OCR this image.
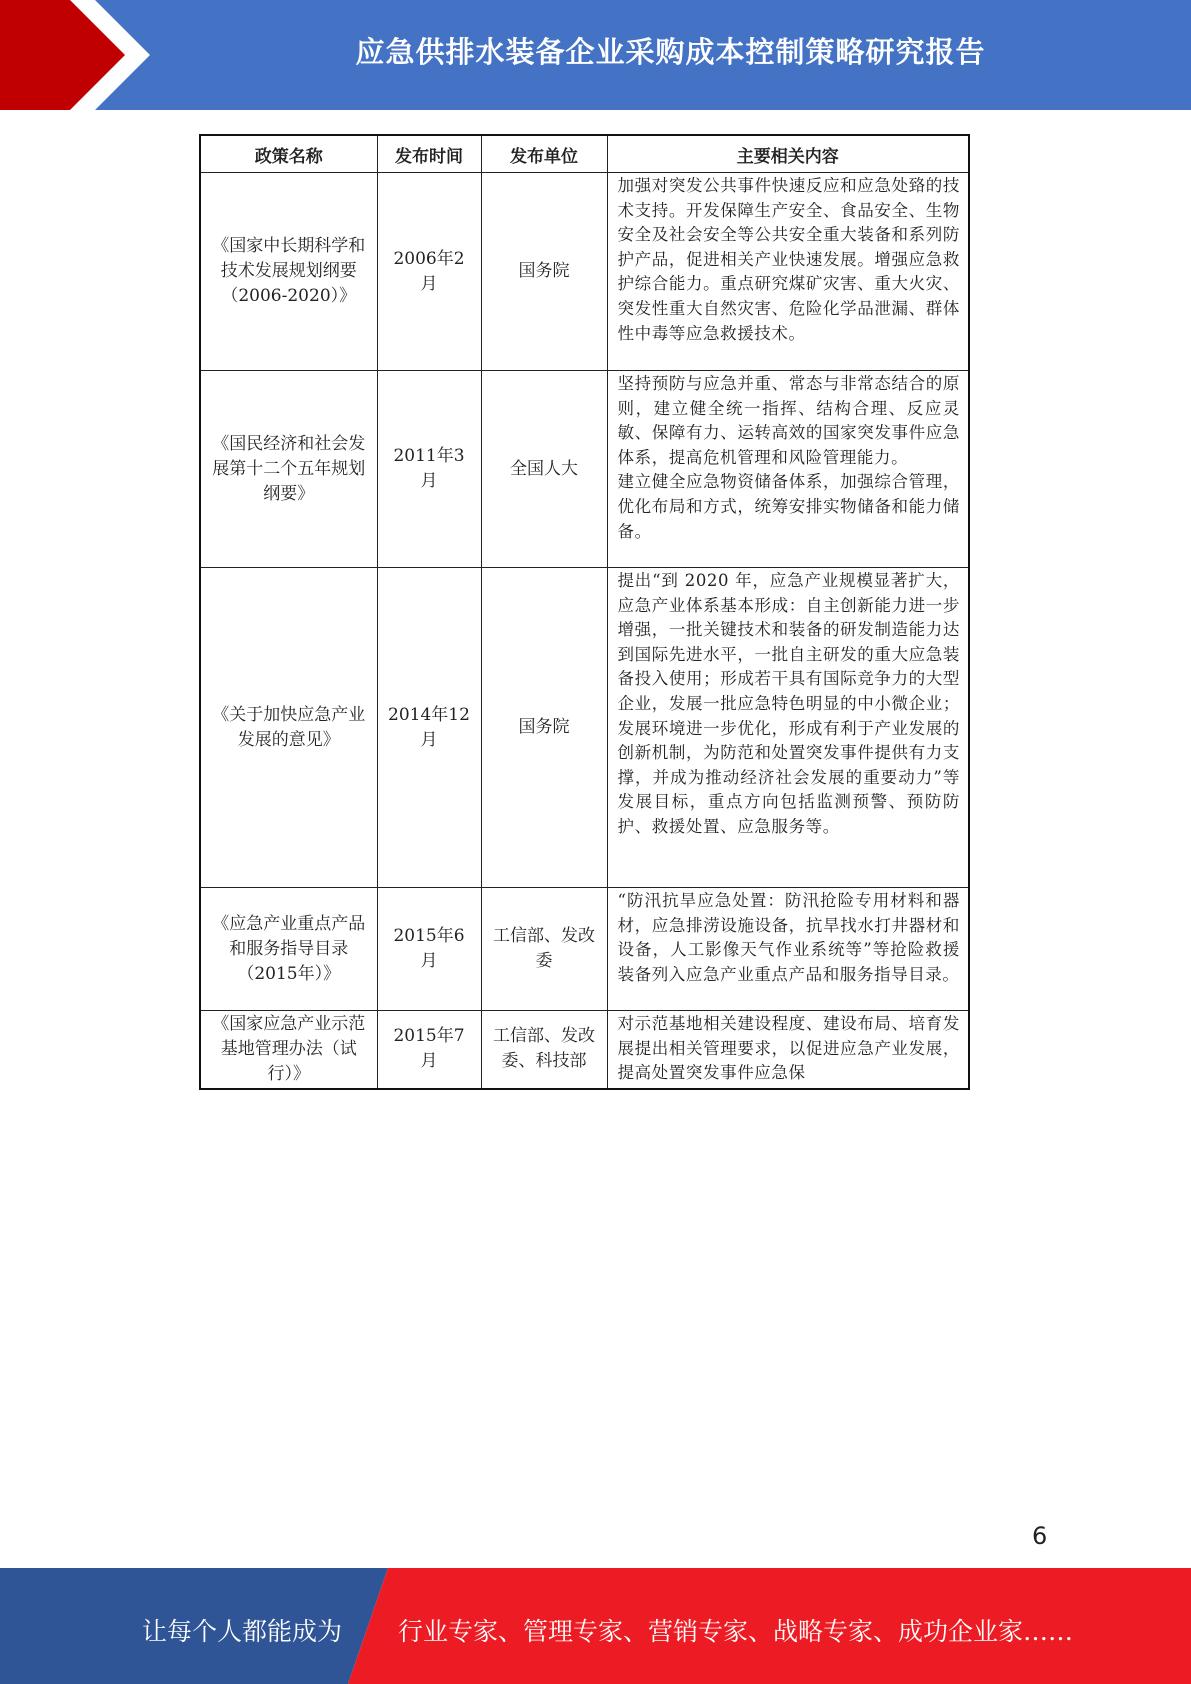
应急供排水装备企业采购成本控制策略研究报告
政策名称	发布时间	发布单位	主要相关内容
《国家中长期科学和技术发展规划纲要（2006-2020）》	2006年2月	国务院	加强对突发公共事件快速反应和应急处臵的技术支持。开发保障生产安全、食品安全、生物安全及社会安全等公共安全重大装备和系列防护产品，促进相关产业快速发展。增强应急救护综合能力。重点研究煤矿灾害、重大火灾、突发性重大自然灾害、危险化学品泄漏、群体性中毒等应急救援技术。
《国民经济和社会发展第十二个五年规划纲要》	2011年3月	全国人大	坚持预防与应急并重、常态与非常态结合的原则，建立健全统一指挥、结构合理、反应灵敏、保障有力、运转高效的国家突发事件应急体系，提高危机管理和风险管理能力。
建立健全应急物资储备体系，加强综合管理，优化布局和方式，统筹安排实物储备和能力储备。
《关于加快应急产业发展的意见》	2014年12月	国务院	提出“到 2020 年，应急产业规模显著扩大，应急产业体系基本形成：自主创新能力进一步增强，一批关键技术和装备的研发制造能力达到国际先进水平，一批自主研发的重大应急装备投入使用；形成若干具有国际竞争力的大型企业，发展一批应急特色明显的中小微企业；发展环境进一步优化，形成有利于产业发展的创新机制，为防范和处置突发事件提供有力支撑，并成为推动经济社会发展的重要动力”等发展目标，重点方向包括监测预警、预防防护、救援处置、应急服务等。
《应急产业重点产品和服务指导目录（2015年）》	2015年6月	工信部、发改委	“防汛抗旱应急处置：防汛抢险专用材料和器材，应急排涝设施设备，抗旱找水打井器材和设备，人工影像天气作业系统等”等抢险救援装备列入应急产业重点产品和服务指导目录。
《国家应急产业示范基地管理办法（试行）》	2015年7月	工信部、发改委、科技部	对示范基地相关建设程度、建设布局、培育发展提出相关管理要求，以促进应急产业发展，提高处置突发事件应急保
6
让每个人都能成为 行业专家、管理专家、营销专家、战略专家、成功企业家……
